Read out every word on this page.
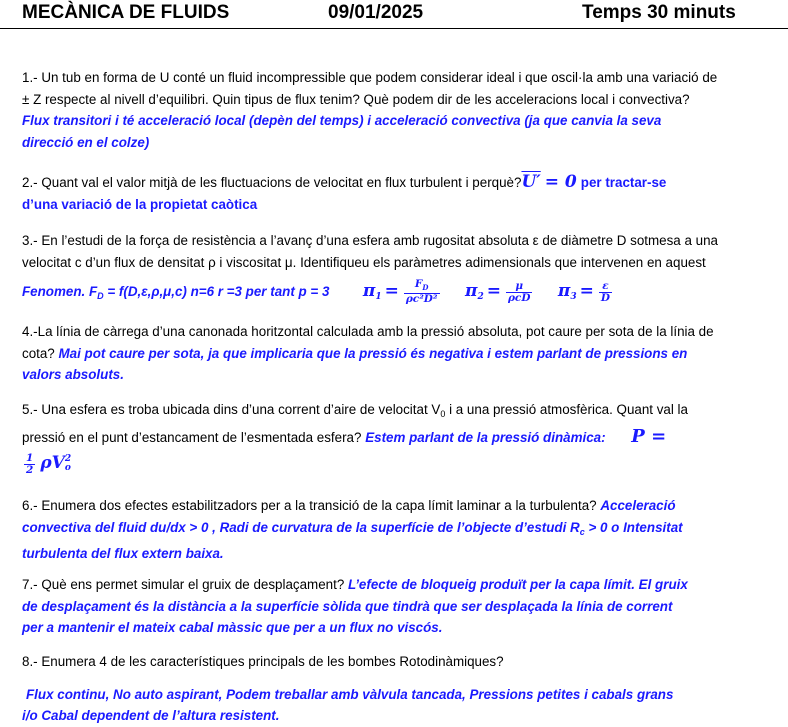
MECÀNICA DE FLUIDS	09/01/2025	Temps 30 minuts
1.- Un tub en forma de U conté un fluid incompressible que podem considerar ideal i que oscil·la amb una variació de
± Z respecte al nivell d’equilibri. Quin tipus de flux tenim? Què podem dir de les acceleracions local i convectiva?
Flux transitori i té acceleració local (depèn del temps) i acceleració convectiva (ja que canvia la seva
direcció en el colze)
2.- Quant val el valor mitjà de les fluctuacions de velocitat en flux turbulent i perquè?U′ = 0 per tractar-se
d’una variació de la propietat caòtica
3.- En l’estudi de la força de resistència a l’avanç d’una esfera amb rugositat absoluta ε de diàmetre D sotmesa a una
velocitat c d’un flux de densitat ρ i viscositat μ. Identifiqueu els paràmetres adimensionals que intervenen en aquest
Fenomen. $F_D = f(D,\varepsilon,\rho,\mu,c)$ n=6 r =3 per tant p = 3 $\pi_1 = \frac{F_D}{\text{ρc²D²}} \pi_2 = \frac{\mu}{\text{ρcD}} \pi_3 = \frac{\varepsilon}{D}$
4.-La línia de càrrega d’una canonada horitzontal calculada amb la pressió absoluta, pot caure per sota de la línia de
cota? Mai pot caure per sota, ja que implicaria que la pressió és negativa i estem parlant de pressions en
valors absoluts.
5.- Una esfera es troba ubicada dins d’una corrent d’aire de velocitat $V_0$ i a una pressió atmosfèrica. Quant val la
pressió en el punt d’estancament de l’esmentada esfera? Estem parlant de la pressió dinàmica: P =
$\frac{1}{2}$ ρV 2
o
6.- Enumera dos efectes estabilitzadors per a la transició de la capa límit laminar a la turbulenta? Acceleració
convectiva del fluid du/dx > 0 , Radi de curvatura de la superfície de l’objecte d’estudi $R_c > 0$ o Intensitat
turbulenta del flux extern baixa.
7.- Què ens permet simular el gruix de desplaçament? L’efecte de bloqueig produït per la capa límit. El gruix
de desplaçament és la distància a la superfície sòlida que tindrà que ser desplaçada la línia de corrent
per a mantenir el mateix cabal màssic que per a un flux no viscós.
8.- Enumera 4 de les característiques principals de les bombes Rotodinàmiques?
Flux continu, No auto aspirant, Podem treballar amb vàlvula tancada, Pressions petites i cabals grans
i/o Cabal dependent de l’altura resistent.
